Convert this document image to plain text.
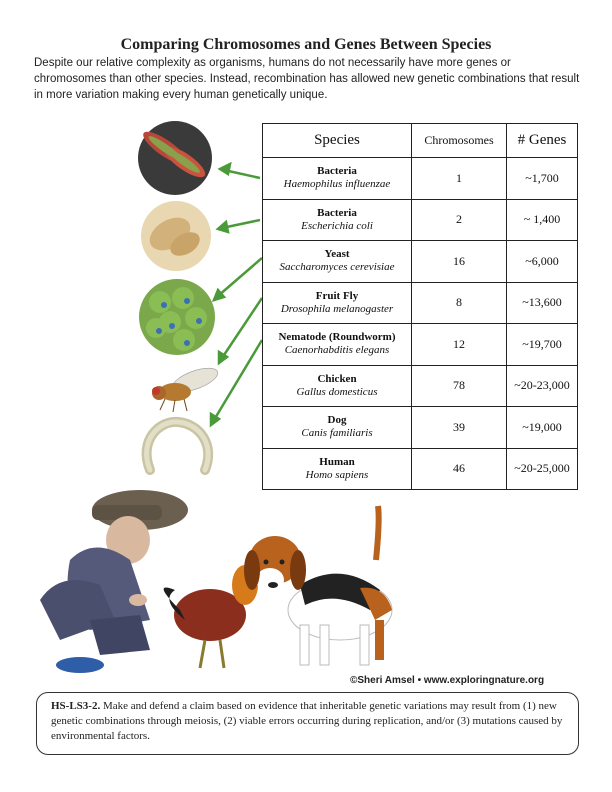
Comparing Chromosomes and Genes Between Species
Despite our relative complexity as organisms, humans do not necessarily have more genes or chromosomes than other species. Instead, recombination has allowed new genetic combinations that result in more variation making every human genetically unique.
Species	Chromosomes	# Genes

Bacteria
Haemophilus influenzae	1	~1,700

Bacteria
Escherichia coli	2	~ 1,400

Yeast
Saccharomyces cerevisiae	16	~6,000

Fruit Fly
Drosophila melanogaster	8	~13,600

Nematode (Roundworm)
Caenorhabditis elegans	12	~19,700

Chicken
Gallus domesticus	78	~20-23,000

Dog
Canis familiaris	39	~19,000

Human
Homo sapiens	46	~20-25,000
©Sheri Amsel • www.exploringnature.org
HS-LS3-2. Make and defend a claim based on evidence that inheritable genetic variations may result from (1) new genetic combinations through meiosis, (2) viable errors occurring during replication, and/or (3) mutations caused by environmental factors.
